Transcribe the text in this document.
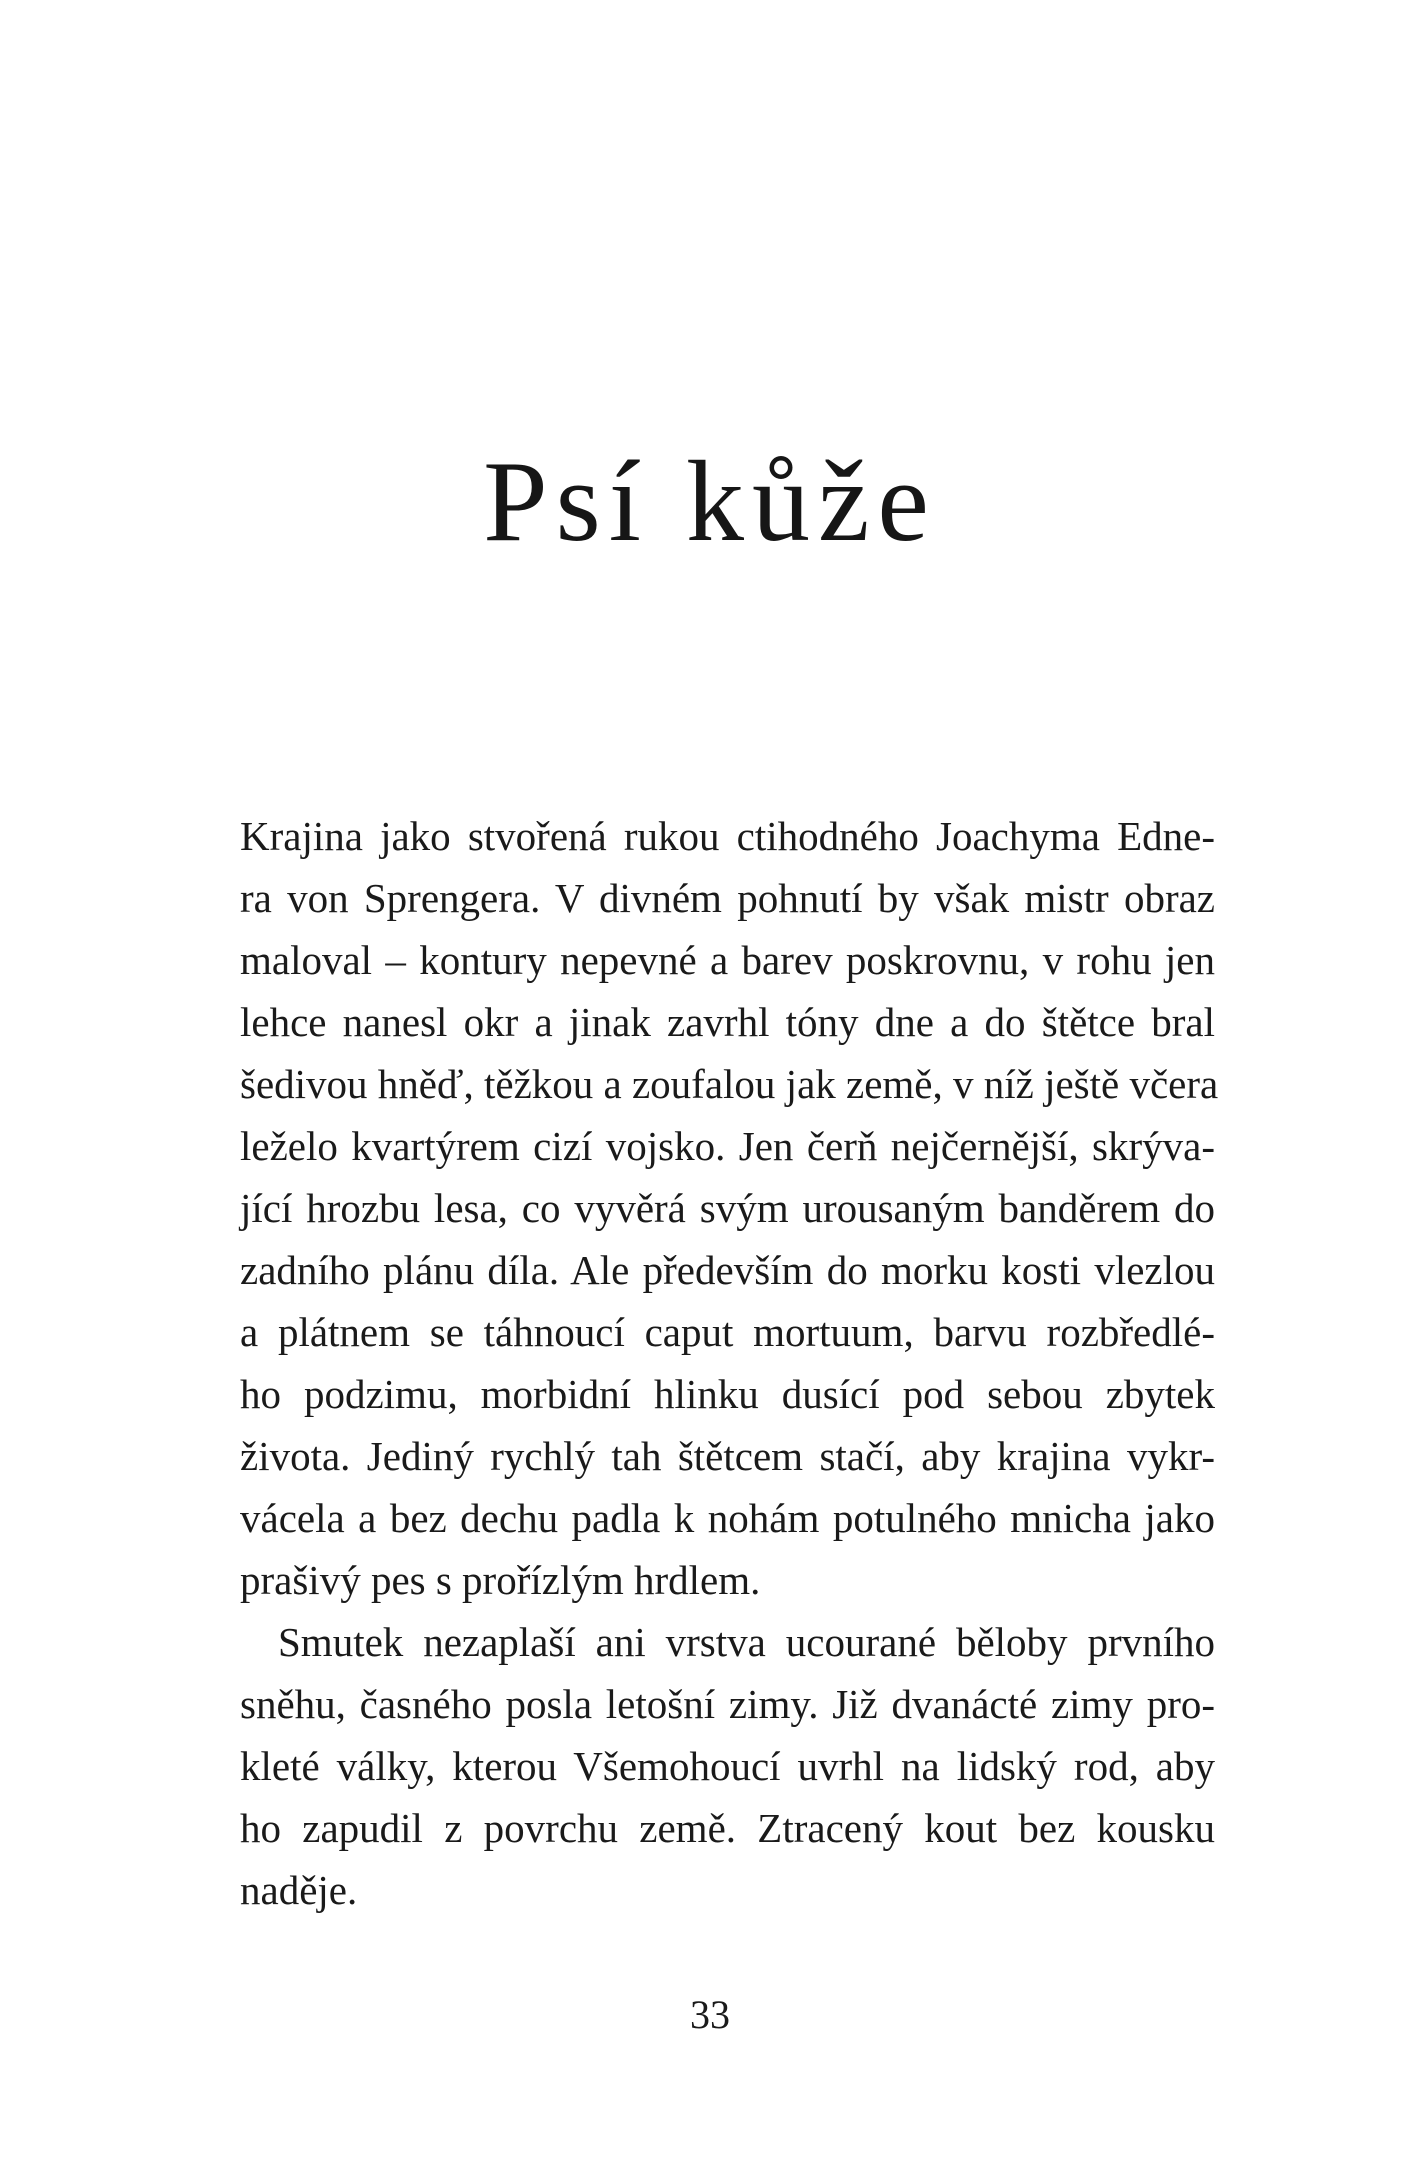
Psí kůže
Krajina jako stvořená rukou ctihodného Joachyma Edne-
ra von Sprengera. V divném pohnutí by však mistr obraz
maloval – kontury nepevné a barev poskrovnu, v rohu jen
lehce nanesl okr a jinak zavrhl tóny dne a do štětce bral
šedivou hněď, těžkou a zoufalou jak země, v níž ještě včera
leželo kvartýrem cizí vojsko. Jen čerň nejčernější, skrýva-
jící hrozbu lesa, co vyvěrá svým urousaným banděrem do
zadního plánu díla. Ale především do morku kosti vlezlou
a plátnem se táhnoucí caput mortuum, barvu rozbředlé-
ho podzimu, morbidní hlinku dusící pod sebou zbytek
života. Jediný rychlý tah štětcem stačí, aby krajina vykr-
vácela a bez dechu padla k nohám potulného mnicha jako
prašivý pes s prořízlým hrdlem.
Smutek nezaplaší ani vrstva ucourané běloby prvního
sněhu, časného posla letošní zimy. Již dvanácté zimy pro-
kleté války, kterou Všemohoucí uvrhl na lidský rod, aby
ho zapudil z povrchu země. Ztracený kout bez kousku
naděje.
33
